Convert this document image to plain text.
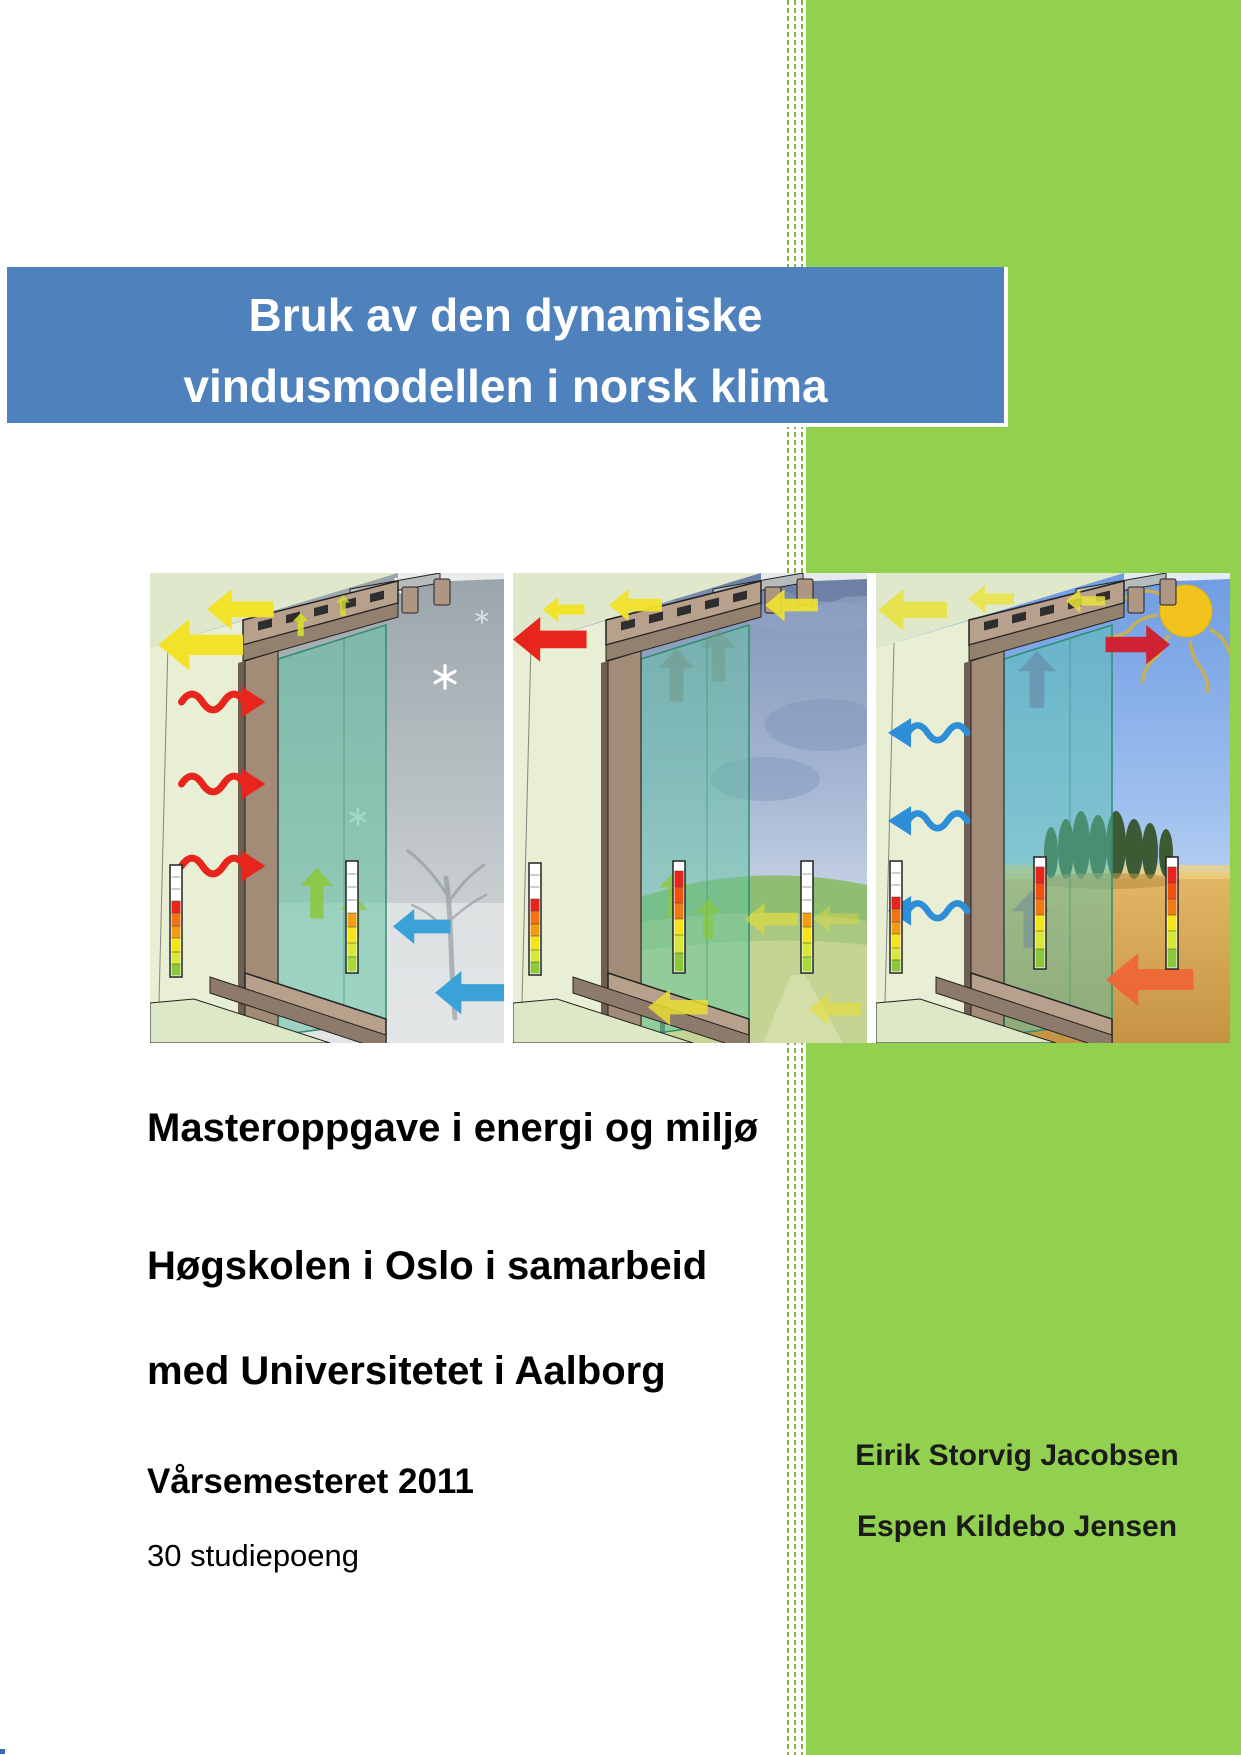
Bruk av den dynamiske
vindusmodellen i norsk klima
Masteroppgave i energi og miljø
Høgskolen i Oslo i samarbeid
med Universitetet i Aalborg
Vårsemesteret 2011
30 studiepoeng
Eirik Storvig Jacobsen
Espen Kildebo Jensen
